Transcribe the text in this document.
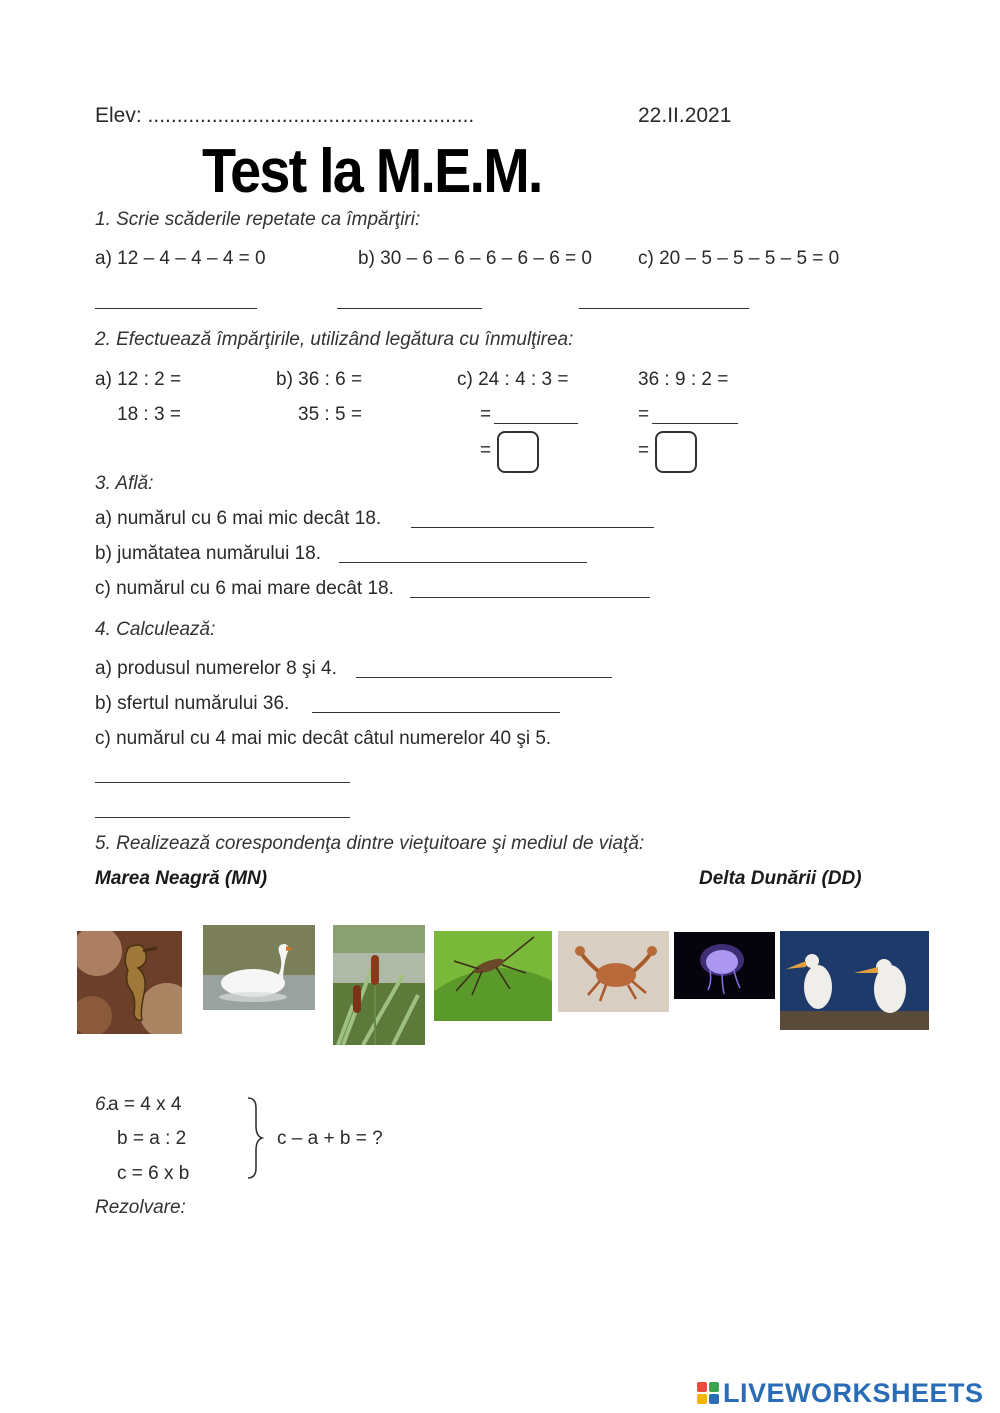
Elev: ........................................................	22.II.2021
Test la M.E.M.
1. Scrie scăderile repetate ca împărţiri:
a) 12 – 4 – 4 – 4 = 0	b) 30 – 6 – 6 – 6 – 6 – 6 = 0 c) 20 – 5 – 5 – 5 – 5 = 0
2. Efectuează împărţirile, utilizând legătura cu înmulţirea:
a) 12 : 2 =
18 : 3 =
b) 36 : 6 =
35 : 5 =
c) 24 : 4 : 3 =	36 : 9 : 2 =
=
=
=
=
3. Află:
a) numărul cu 6 mai mic decât 18.
b) jumătatea numărului 18.
c) numărul cu 6 mai mare decât 18.
4. Calculează:
a) produsul numerelor 8 şi 4.
b) sfertul numărului 36.
c) numărul cu 4 mai mic decât câtul numerelor 40 şi 5.
5. Realizează corespondenţa dintre vieţuitoare şi mediul de viaţă:
Marea Neagră (MN)	Delta Dunării (DD)
6.
a = 4 x 4
b = a : 2
c = 6 x b
c – a + b = ?
Rezolvare:
LIVEWORKSHEETS
